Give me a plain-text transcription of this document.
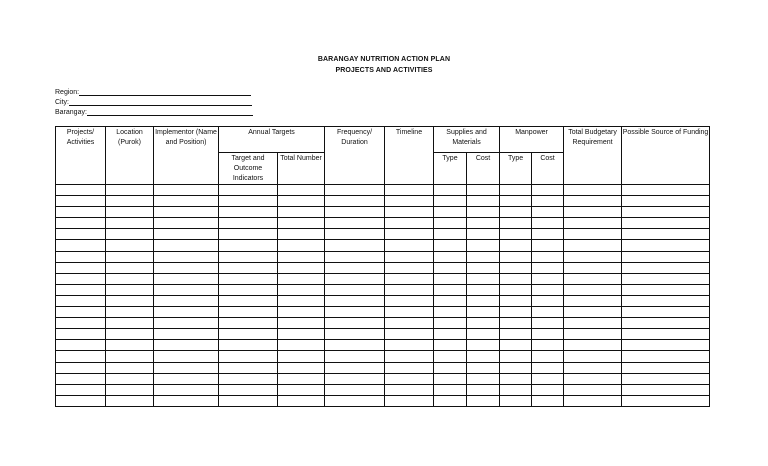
BARANGAY NUTRITION ACTION PLAN
PROJECTS AND ACTIVITIES
Region:
City:
Barangay:
Projects/ Activities	Location (Purok)	Implementor (Name and Position)	Annual Targets		Frequency/ Duration	Timeline	Supplies and Materials		Manpower		Total Budgetary Requirement	Possible Source of Funding
			Target and Outcome Indicators	Total Number			Type	Cost	Type	Cost		
